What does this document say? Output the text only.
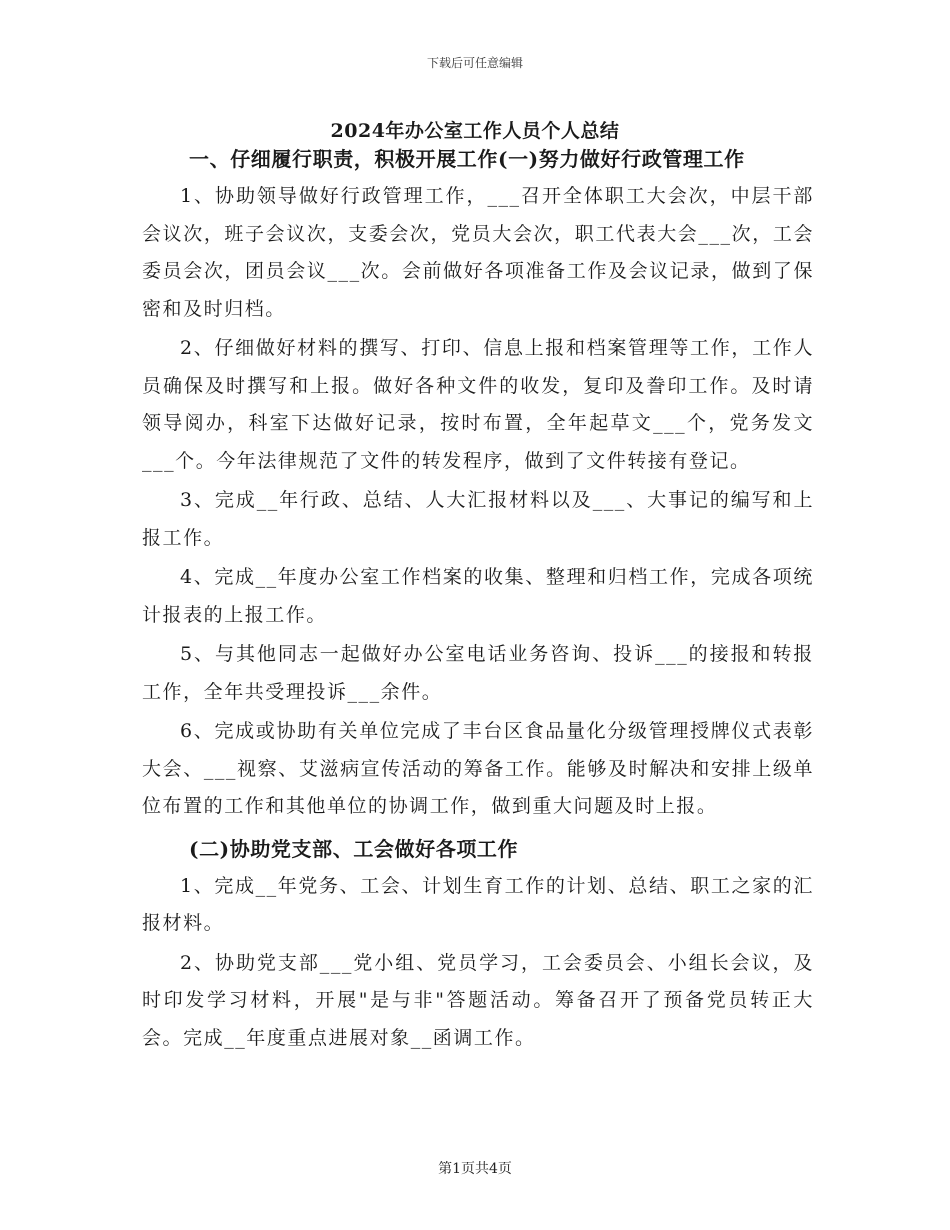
下载后可任意编辑
2024年办公室工作人员个人总结
一、仔细履行职责，积极开展工作(一)努力做好行政管理工作

1、协助领导做好行政管理工作，___召开全体职工大会次，中层干部会议次，班子会议次，支委会次，党员大会次，职工代表大会___次，工会委员会次，团员会议___次。会前做好各项准备工作及会议记录，做到了保密和及时归档。

2、仔细做好材料的撰写、打印、信息上报和档案管理等工作，工作人员确保及时撰写和上报。做好各种文件的收发，复印及誊印工作。及时请领导阅办，科室下达做好记录，按时布置，全年起草文___个，党务发文___个。今年法律规范了文件的转发程序，做到了文件转接有登记。

3、完成__年行政、总结、人大汇报材料以及___、大事记的编写和上报工作。

4、完成__年度办公室工作档案的收集、整理和归档工作，完成各项统计报表的上报工作。

5、与其他同志一起做好办公室电话业务咨询、投诉___的接报和转报工作，全年共受理投诉___余件。

6、完成或协助有关单位完成了丰台区食品量化分级管理授牌仪式表彰大会、___视察、艾滋病宣传活动的筹备工作。能够及时解决和安排上级单位布置的工作和其他单位的协调工作，做到重大问题及时上报。

(二)协助党支部、工会做好各项工作

1、完成__年党务、工会、计划生育工作的计划、总结、职工之家的汇报材料。

2、协助党支部___党小组、党员学习，工会委员会、小组长会议，及时印发学习材料，开展"是与非"答题活动。筹备召开了预备党员转正大会。完成__年度重点进展对象__函调工作。

第1页共4页
